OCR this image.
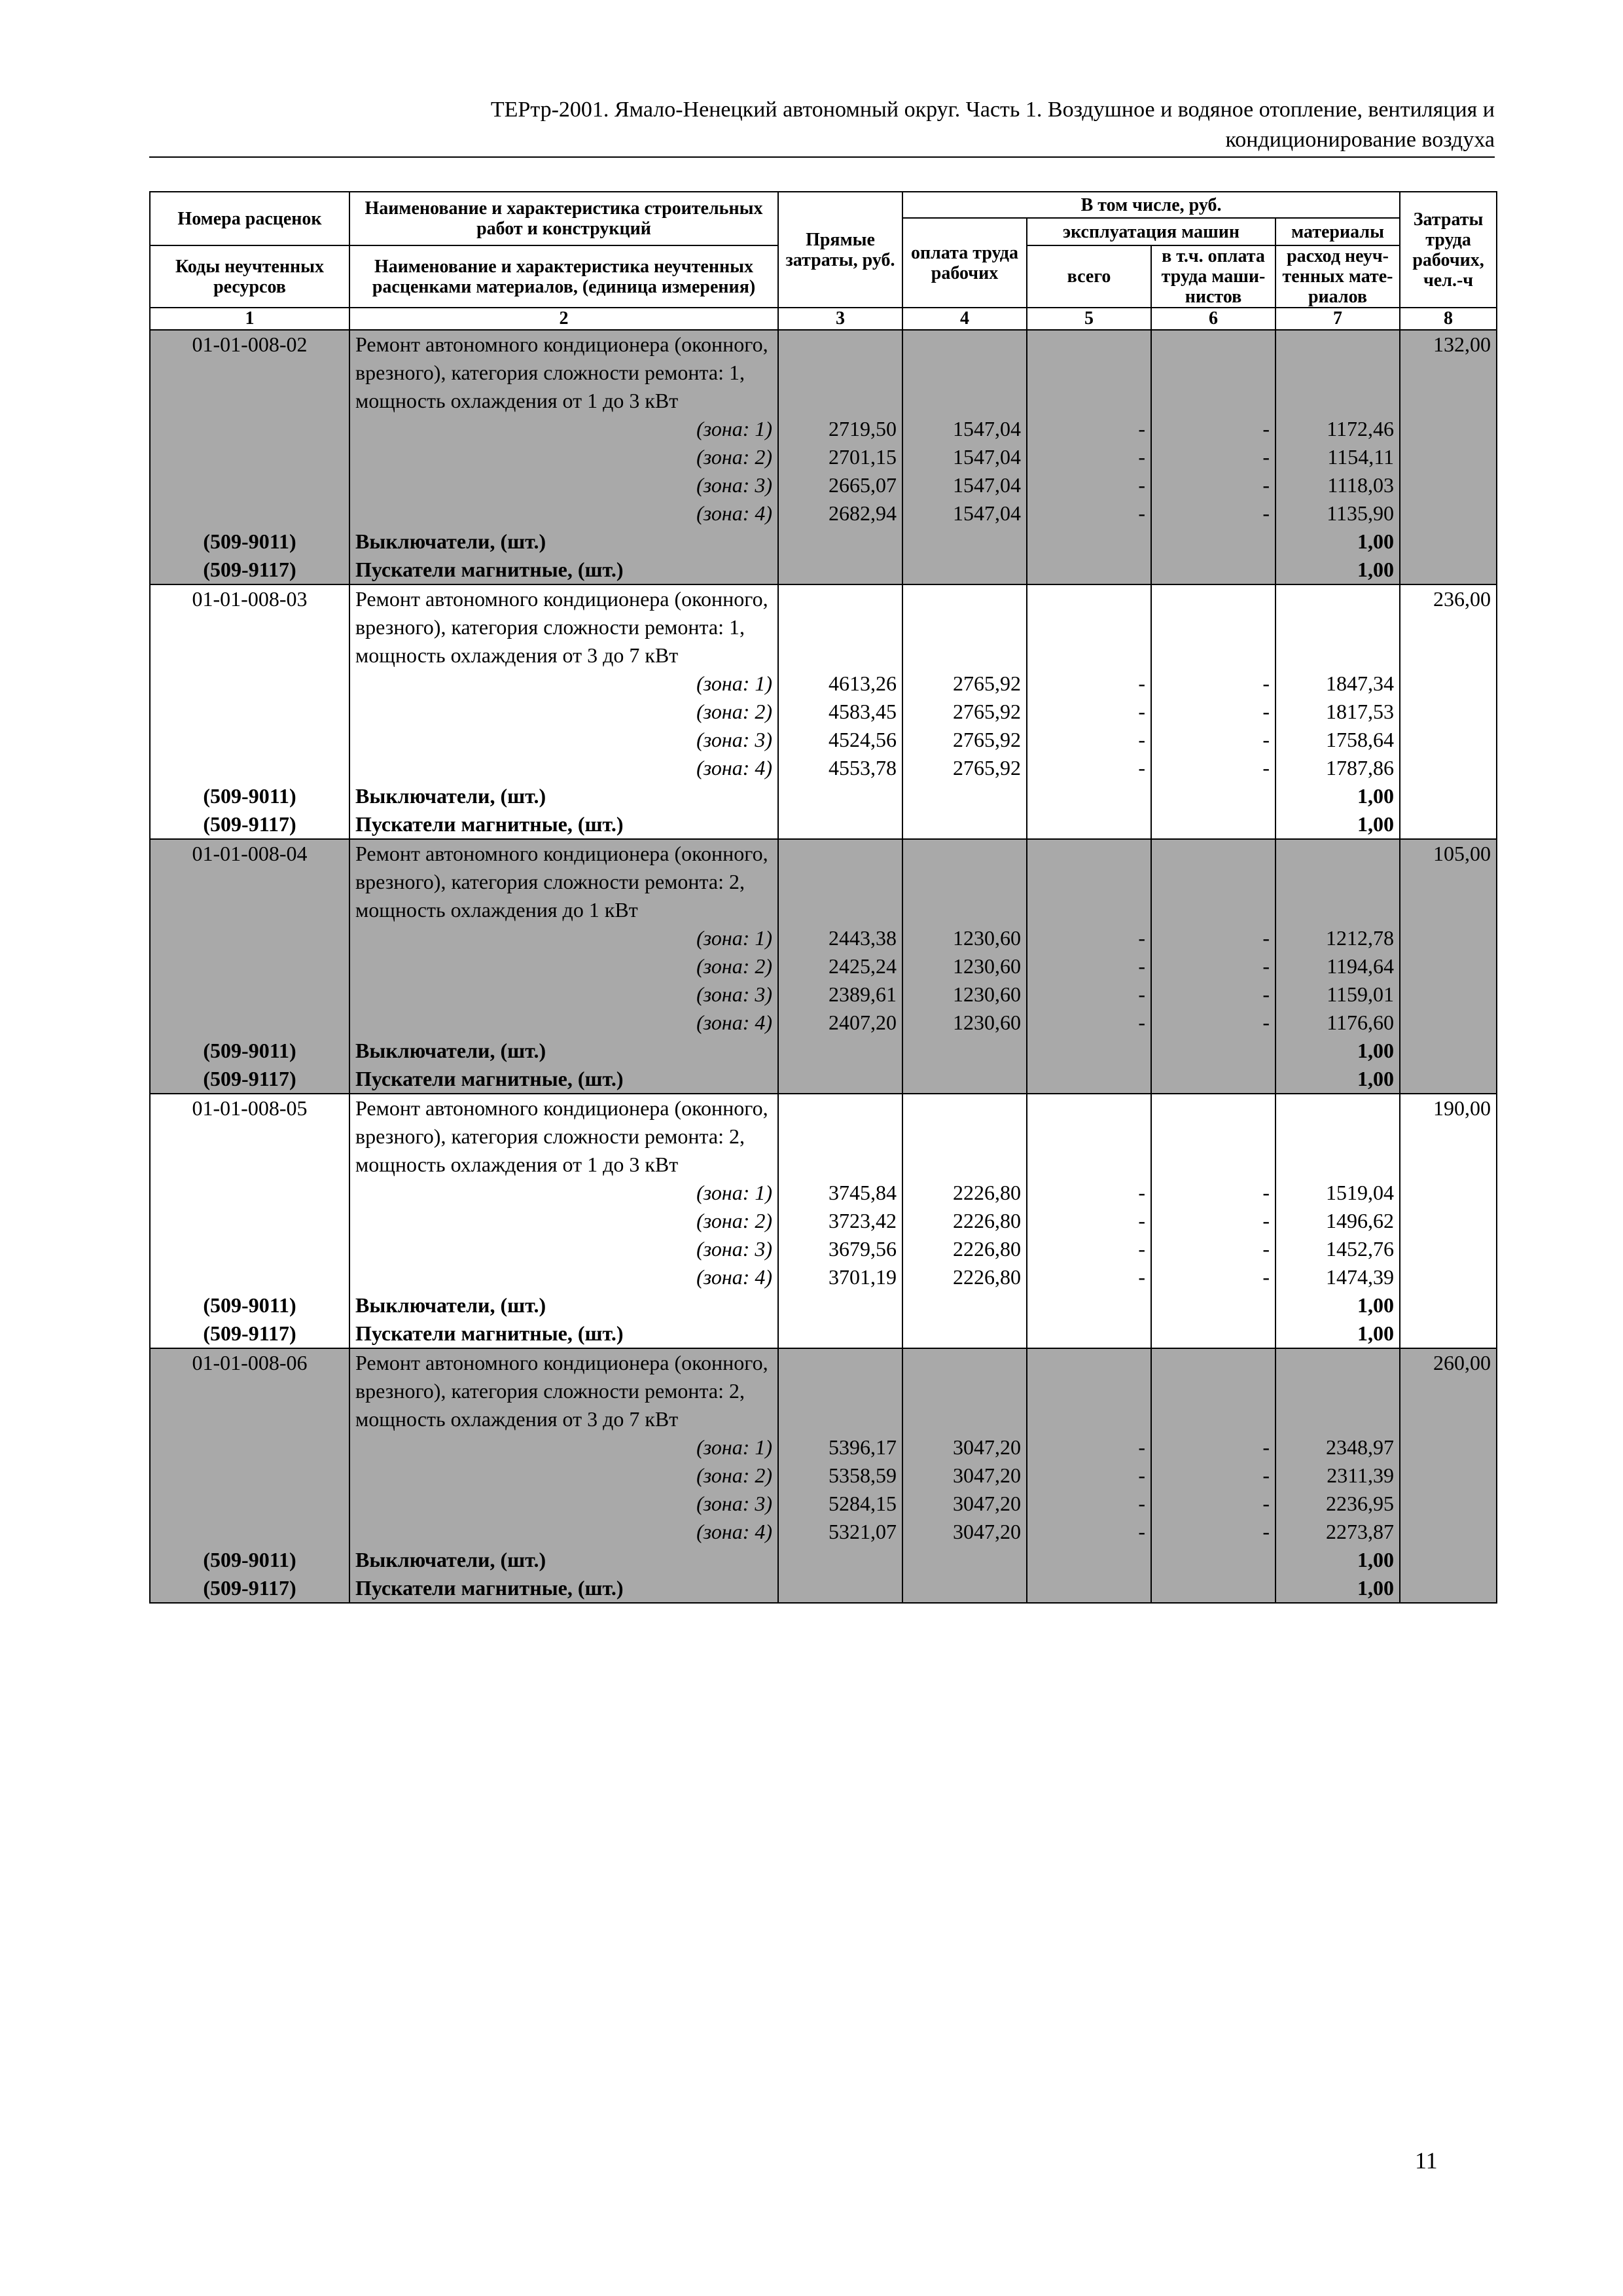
ТЕРтр-2001. Ямало-Ненецкий автономный округ. Часть 1. Воздушное и водяное отопление, вентиляция и
кондиционирование воздуха
Номера расценок	Наименование и характеристика строительных работ и конструкций	Прямые затраты, руб.	В том числе, руб.				Затраты труда рабочих, чел.-ч
			оплата труда рабочих	эксплуатация машин		материалы	
Коды неучтенных ресурсов	Наименование и характеристика неучтенных расценками материалов, (единица измерения)			всего	в т.ч. оплата труда маши-нистов	расход неуч-тенных мате-риалов	

1	2	3	4	5	6	7	8
01-01-008-02	Ремонт автономного кондиционера (оконного, врезного), категория сложности ремонта: 1, мощность охлаждения от 1 до 3 кВт						132,00

	(зона: 1)	2719,50	1547,04	-	-	1172,46	
	(зона: 2)	2701,15	1547,04	-	-	1154,11	
	(зона: 3)	2665,07	1547,04	-	-	1118,03	
	(зона: 4)	2682,94	1547,04	-	-	1135,90	
(509-9011)	Выключатели, (шт.)					1,00	
(509-9117)	Пускатели магнитные, (шт.)					1,00	
01-01-008-03	Ремонт автономного кондиционера (оконного, врезного), категория сложности ремонта: 1, мощность охлаждения от 3 до 7 кВт						236,00

	(зона: 1)	4613,26	2765,92	-	-	1847,34	
	(зона: 2)	4583,45	2765,92	-	-	1817,53	
	(зона: 3)	4524,56	2765,92	-	-	1758,64	
	(зона: 4)	4553,78	2765,92	-	-	1787,86	
(509-9011)	Выключатели, (шт.)					1,00	
(509-9117)	Пускатели магнитные, (шт.)					1,00	
01-01-008-04	Ремонт автономного кондиционера (оконного, врезного), категория сложности ремонта: 2, мощность охлаждения до 1 кВт						105,00

	(зона: 1)	2443,38	1230,60	-	-	1212,78	
	(зона: 2)	2425,24	1230,60	-	-	1194,64	
	(зона: 3)	2389,61	1230,60	-	-	1159,01	
	(зона: 4)	2407,20	1230,60	-	-	1176,60	
(509-9011)	Выключатели, (шт.)					1,00	
(509-9117)	Пускатели магнитные, (шт.)					1,00	
01-01-008-05	Ремонт автономного кондиционера (оконного, врезного), категория сложности ремонта: 2, мощность охлаждения от 1 до 3 кВт						190,00

	(зона: 1)	3745,84	2226,80	-	-	1519,04	
	(зона: 2)	3723,42	2226,80	-	-	1496,62	
	(зона: 3)	3679,56	2226,80	-	-	1452,76	
	(зона: 4)	3701,19	2226,80	-	-	1474,39	
(509-9011)	Выключатели, (шт.)					1,00	
(509-9117)	Пускатели магнитные, (шт.)					1,00	
01-01-008-06	Ремонт автономного кондиционера (оконного, врезного), категория сложности ремонта: 2, мощность охлаждения от 3 до 7 кВт						260,00

	(зона: 1)	5396,17	3047,20	-	-	2348,97	
	(зона: 2)	5358,59	3047,20	-	-	2311,39	
	(зона: 3)	5284,15	3047,20	-	-	2236,95	
	(зона: 4)	5321,07	3047,20	-	-	2273,87	
(509-9011)	Выключатели, (шт.)					1,00	
(509-9117)	Пускатели магнитные, (шт.)					1,00	
11
